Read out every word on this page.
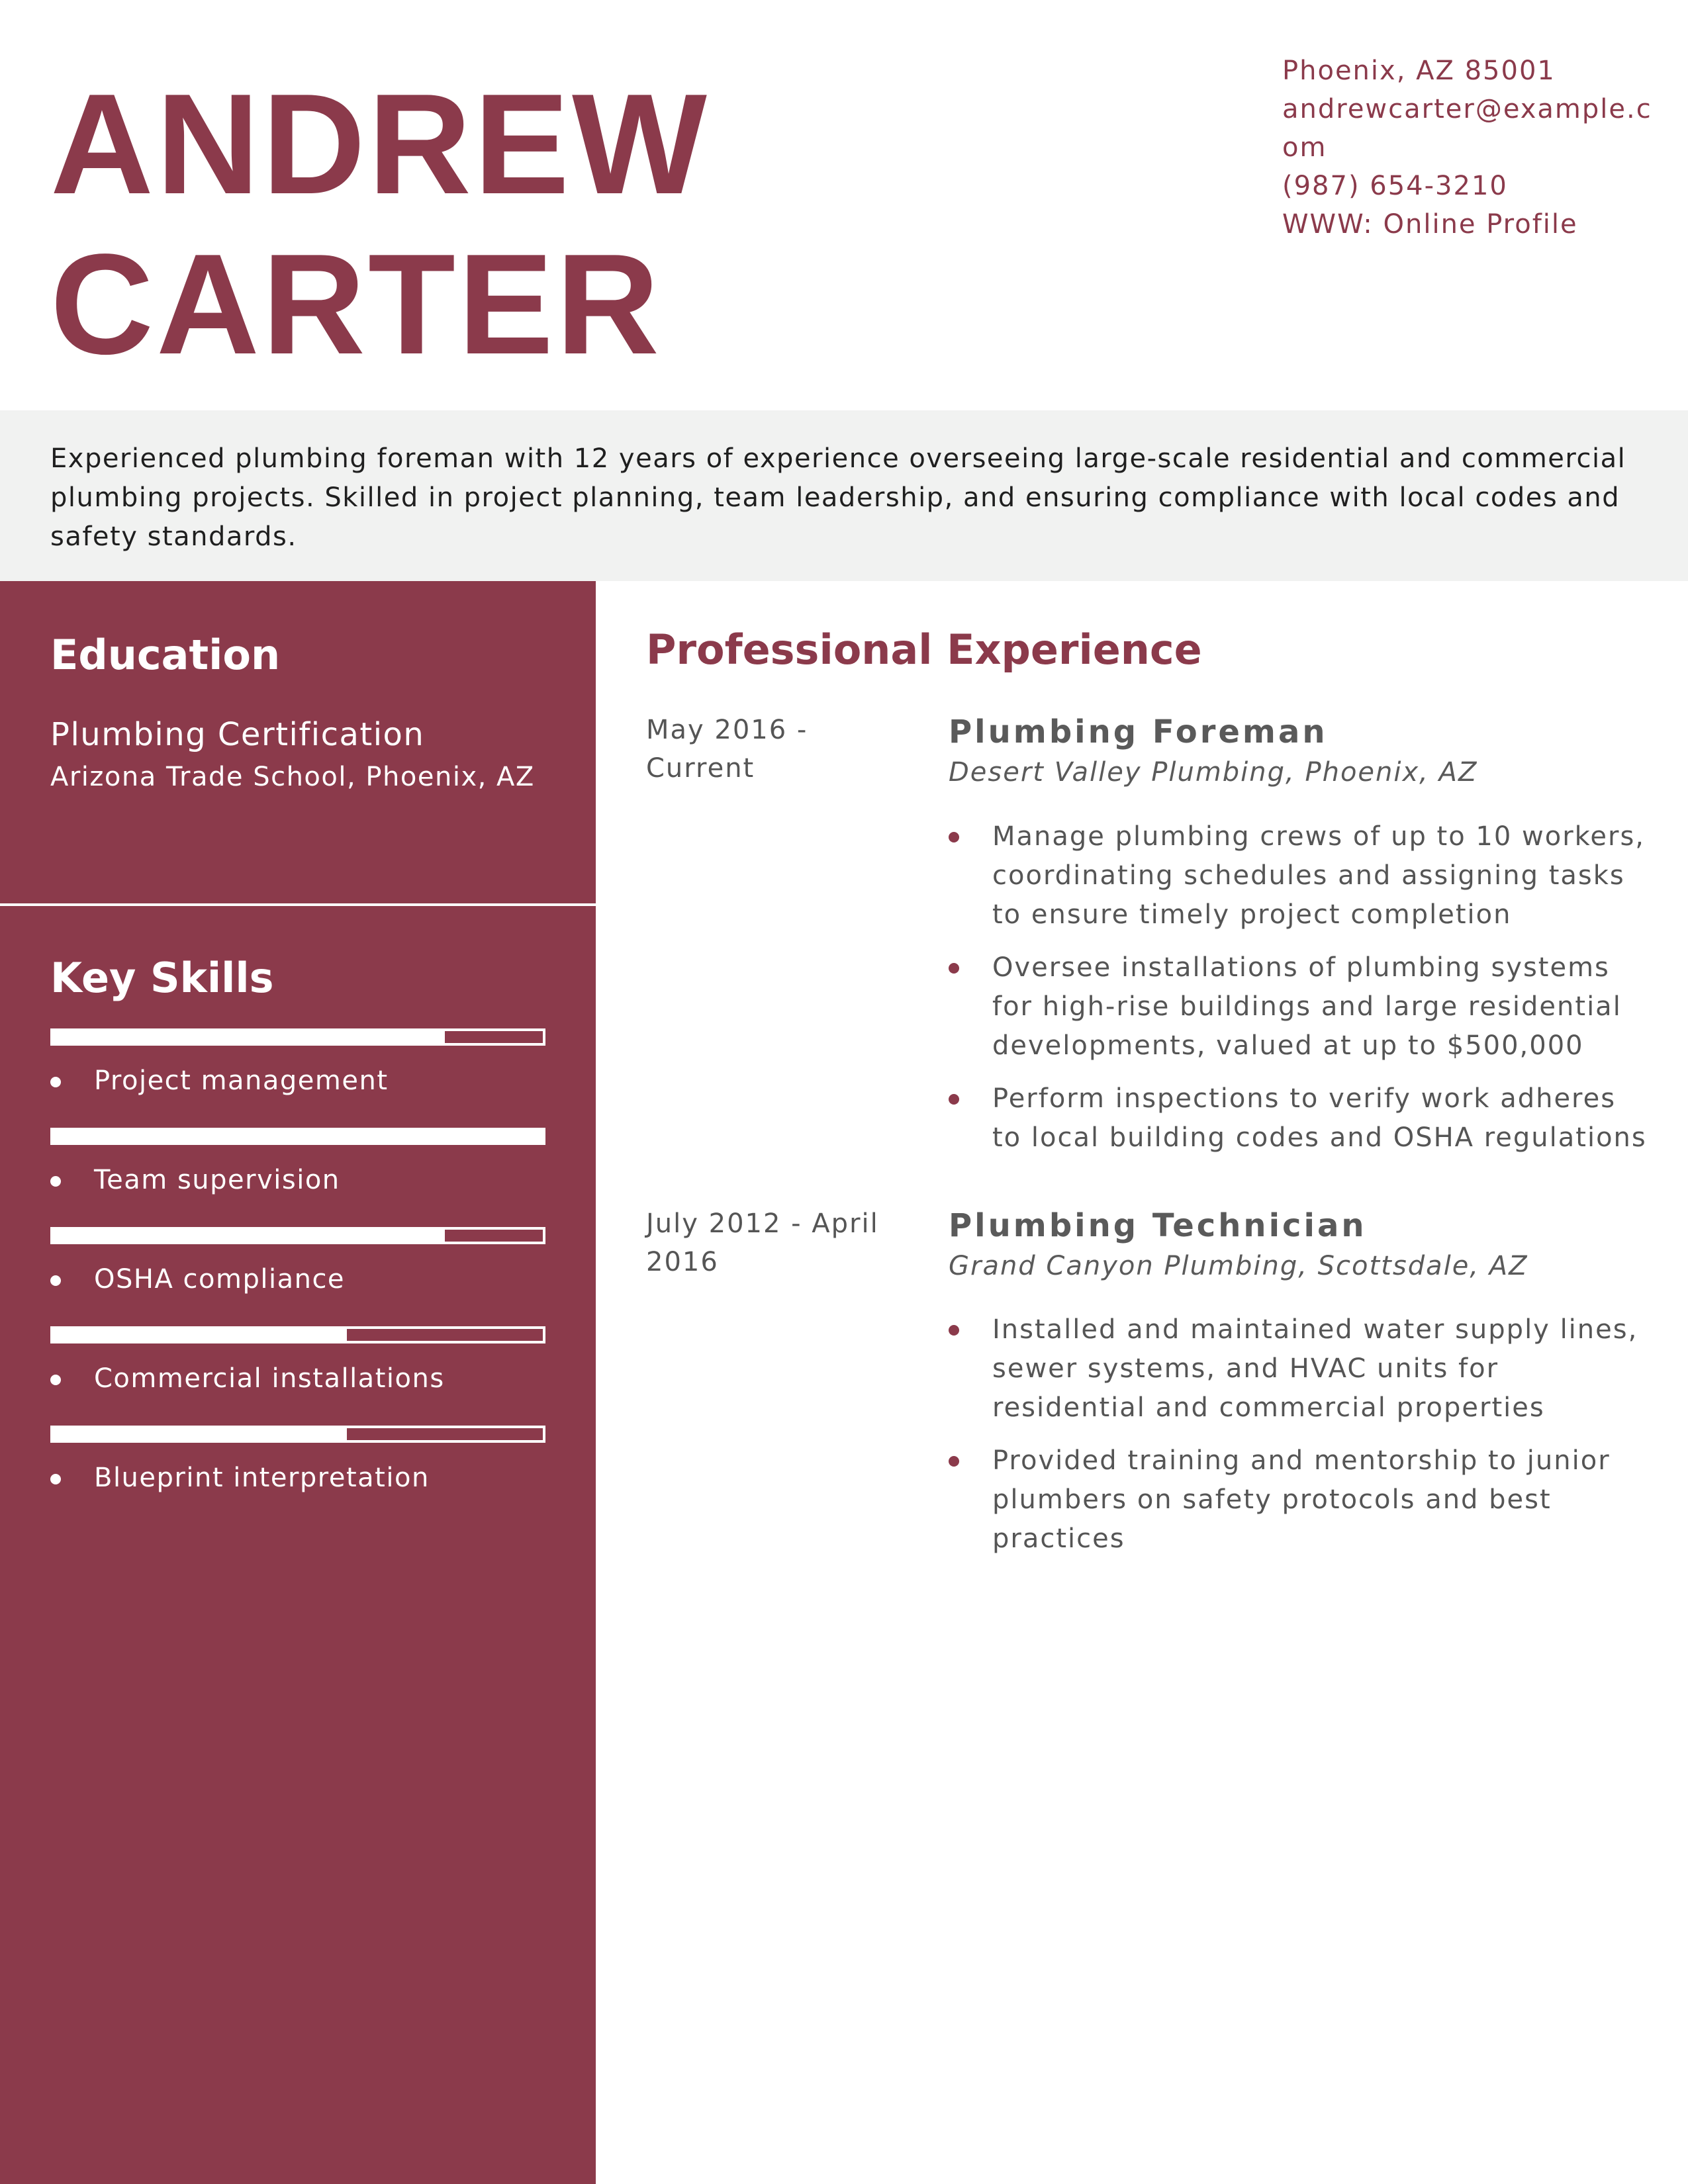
ANDREW
CARTER
Phoenix, AZ 85001
andrewcarter@example.com
(987) 654-3210
WWW: Online Profile

Experienced plumbing foreman with 12 years of experience overseeing large-scale residential and commercial plumbing projects. Skilled in project planning, team leadership, and ensuring compliance with local codes and safety standards.

Education
Plumbing Certification
Arizona Trade School, Phoenix, AZ
Key Skills
Project management
Team supervision
OSHA compliance
Commercial installations
Blueprint interpretation
Professional Experience
May 2016 - Current
Plumbing Foreman
Desert Valley Plumbing, Phoenix, AZ
Manage plumbing crews of up to 10 workers, coordinating schedules and assigning tasks to ensure timely project completion
Oversee installations of plumbing systems for high-rise buildings and large residential developments, valued at up to $500,000
Perform inspections to verify work adheres to local building codes and OSHA regulations
July 2012 - April 2016
Plumbing Technician
Grand Canyon Plumbing, Scottsdale, AZ
Installed and maintained water supply lines, sewer systems, and HVAC units for residential and commercial properties
Provided training and mentorship to junior plumbers on safety protocols and best practices
